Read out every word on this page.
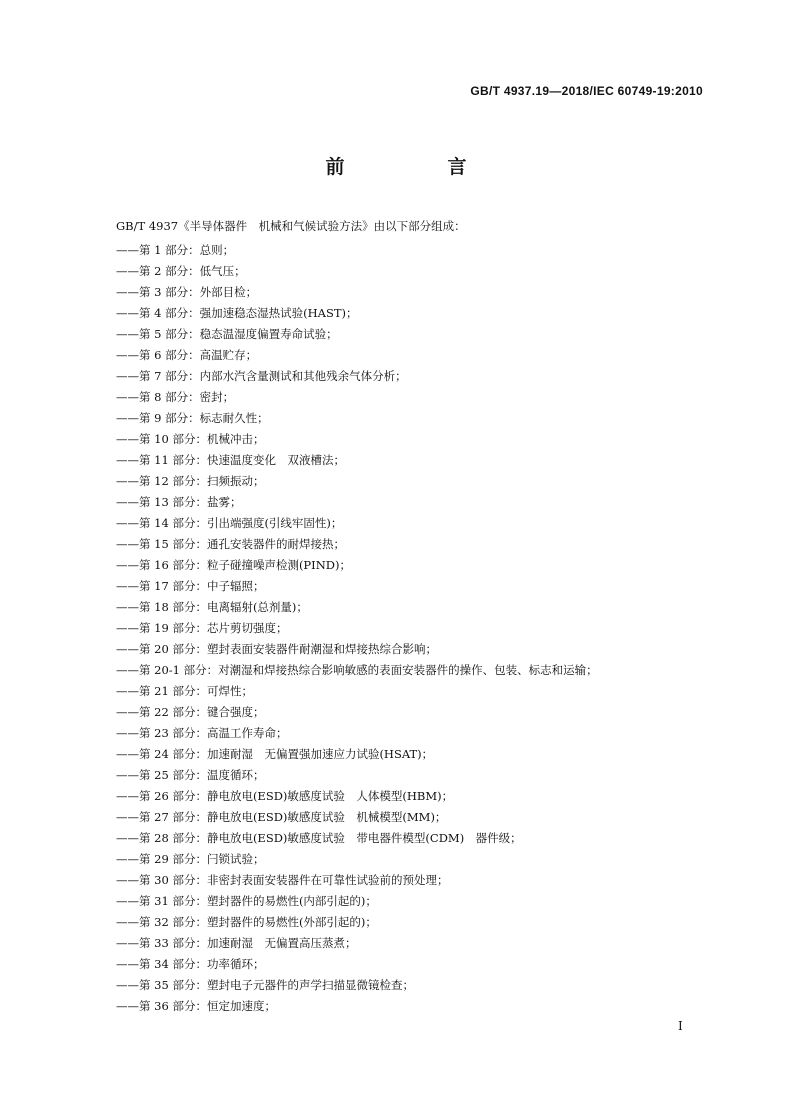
GB/T 4937.19—2018/IEC 60749-19:2010
前　言
GB/T 4937《半导体器件　机械和气候试验方法》由以下部分组成：
——第 1 部分：总则；
——第 2 部分：低气压；
——第 3 部分：外部目检；
——第 4 部分：强加速稳态湿热试验(HAST)；
——第 5 部分：稳态温湿度偏置寿命试验；
——第 6 部分：高温贮存；
——第 7 部分：内部水汽含量测试和其他残余气体分析；
——第 8 部分：密封；
——第 9 部分：标志耐久性；
——第 10 部分：机械冲击；
——第 11 部分：快速温度变化　双液槽法；
——第 12 部分：扫频振动；
——第 13 部分：盐雾；
——第 14 部分：引出端强度(引线牢固性)；
——第 15 部分：通孔安装器件的耐焊接热；
——第 16 部分：粒子碰撞噪声检测(PIND)；
——第 17 部分：中子辐照；
——第 18 部分：电离辐射(总剂量)；
——第 19 部分：芯片剪切强度；
——第 20 部分：塑封表面安装器件耐潮湿和焊接热综合影响；
——第 20-1 部分：对潮湿和焊接热综合影响敏感的表面安装器件的操作、包装、标志和运输；
——第 21 部分：可焊性；
——第 22 部分：键合强度；
——第 23 部分：高温工作寿命；
——第 24 部分：加速耐湿　无偏置强加速应力试验(HSAT)；
——第 25 部分：温度循环；
——第 26 部分：静电放电(ESD)敏感度试验　人体模型(HBM)；
——第 27 部分：静电放电(ESD)敏感度试验　机械模型(MM)；
——第 28 部分：静电放电(ESD)敏感度试验　带电器件模型(CDM)　器件级；
——第 29 部分：闩锁试验；
——第 30 部分：非密封表面安装器件在可靠性试验前的预处理；
——第 31 部分：塑封器件的易燃性(内部引起的)；
——第 32 部分：塑封器件的易燃性(外部引起的)；
——第 33 部分：加速耐湿　无偏置高压蒸煮；
——第 34 部分：功率循环；
——第 35 部分：塑封电子元器件的声学扫描显微镜检查；
——第 36 部分：恒定加速度；
I
